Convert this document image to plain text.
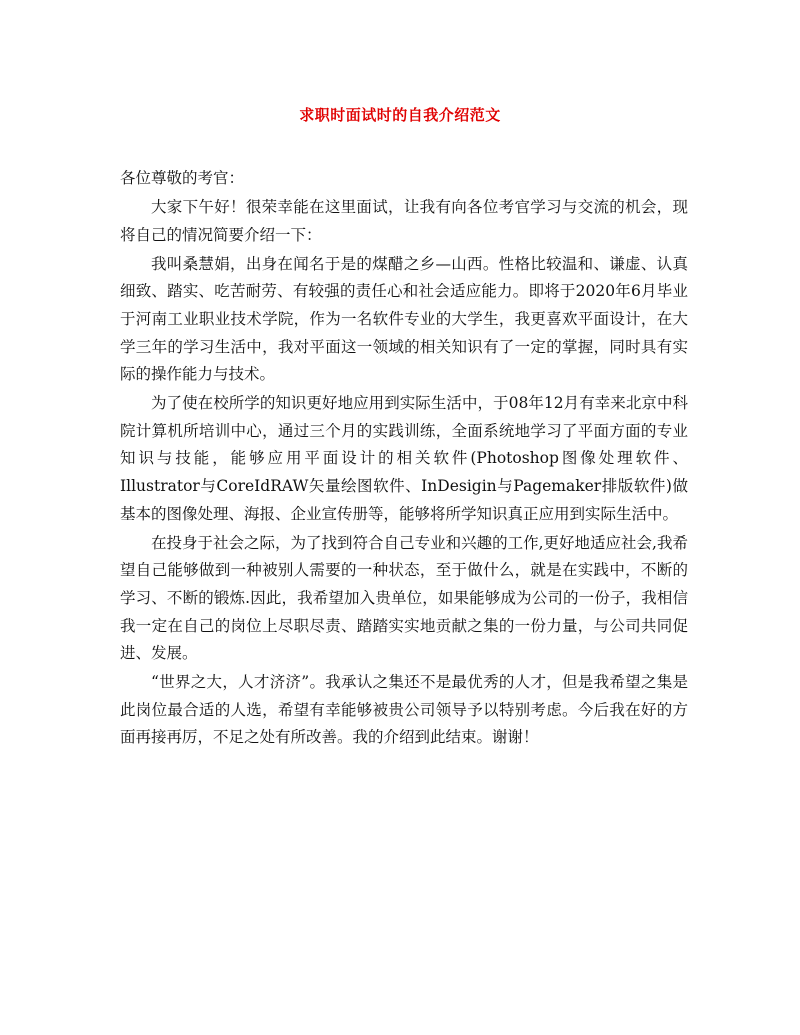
求职时面试时的自我介绍范文

各位尊敬的考官：

大家下午好！很荣幸能在这里面试，让我有向各位考官学习与交流的机会，现将自己的情况简要介绍一下：

我叫桑慧娟，出身在闻名于是的煤醋之乡—山西。性格比较温和、谦虚、认真细致、踏实、吃苦耐劳、有较强的责任心和社会适应能力。即将于2020年6月毕业于河南工业职业技术学院，作为一名软件专业的大学生，我更喜欢平面设计，在大学三年的学习生活中，我对平面这一领域的相关知识有了一定的掌握，同时具有实际的操作能力与技术。

为了使在校所学的知识更好地应用到实际生活中，于08年12月有幸来北京中科院计算机所培训中心，通过三个月的实践训练，全面系统地学习了平面方面的专业知识与技能，能够应用平面设计的相关软件(Photoshop图像处理软件、Illustrator与CoreIdRAW矢量绘图软件、InDesigin与Pagemaker排版软件)做基本的图像处理、海报、企业宣传册等，能够将所学知识真正应用到实际生活中。

在投身于社会之际，为了找到符合自己专业和兴趣的工作,更好地适应社会,我希望自己能够做到一种被别人需要的一种状态，至于做什么，就是在实践中，不断的学习、不断的锻炼.因此，我希望加入贵单位，如果能够成为公司的一份子，我相信我一定在自己的岗位上尽职尽责、踏踏实实地贡献之集的一份力量，与公司共同促进、发展。

“世界之大，人才济济”。我承认之集还不是最优秀的人才，但是我希望之集是此岗位最合适的人选，希望有幸能够被贵公司领导予以特别考虑。今后我在好的方面再接再厉，不足之处有所改善。我的介绍到此结束。谢谢！
